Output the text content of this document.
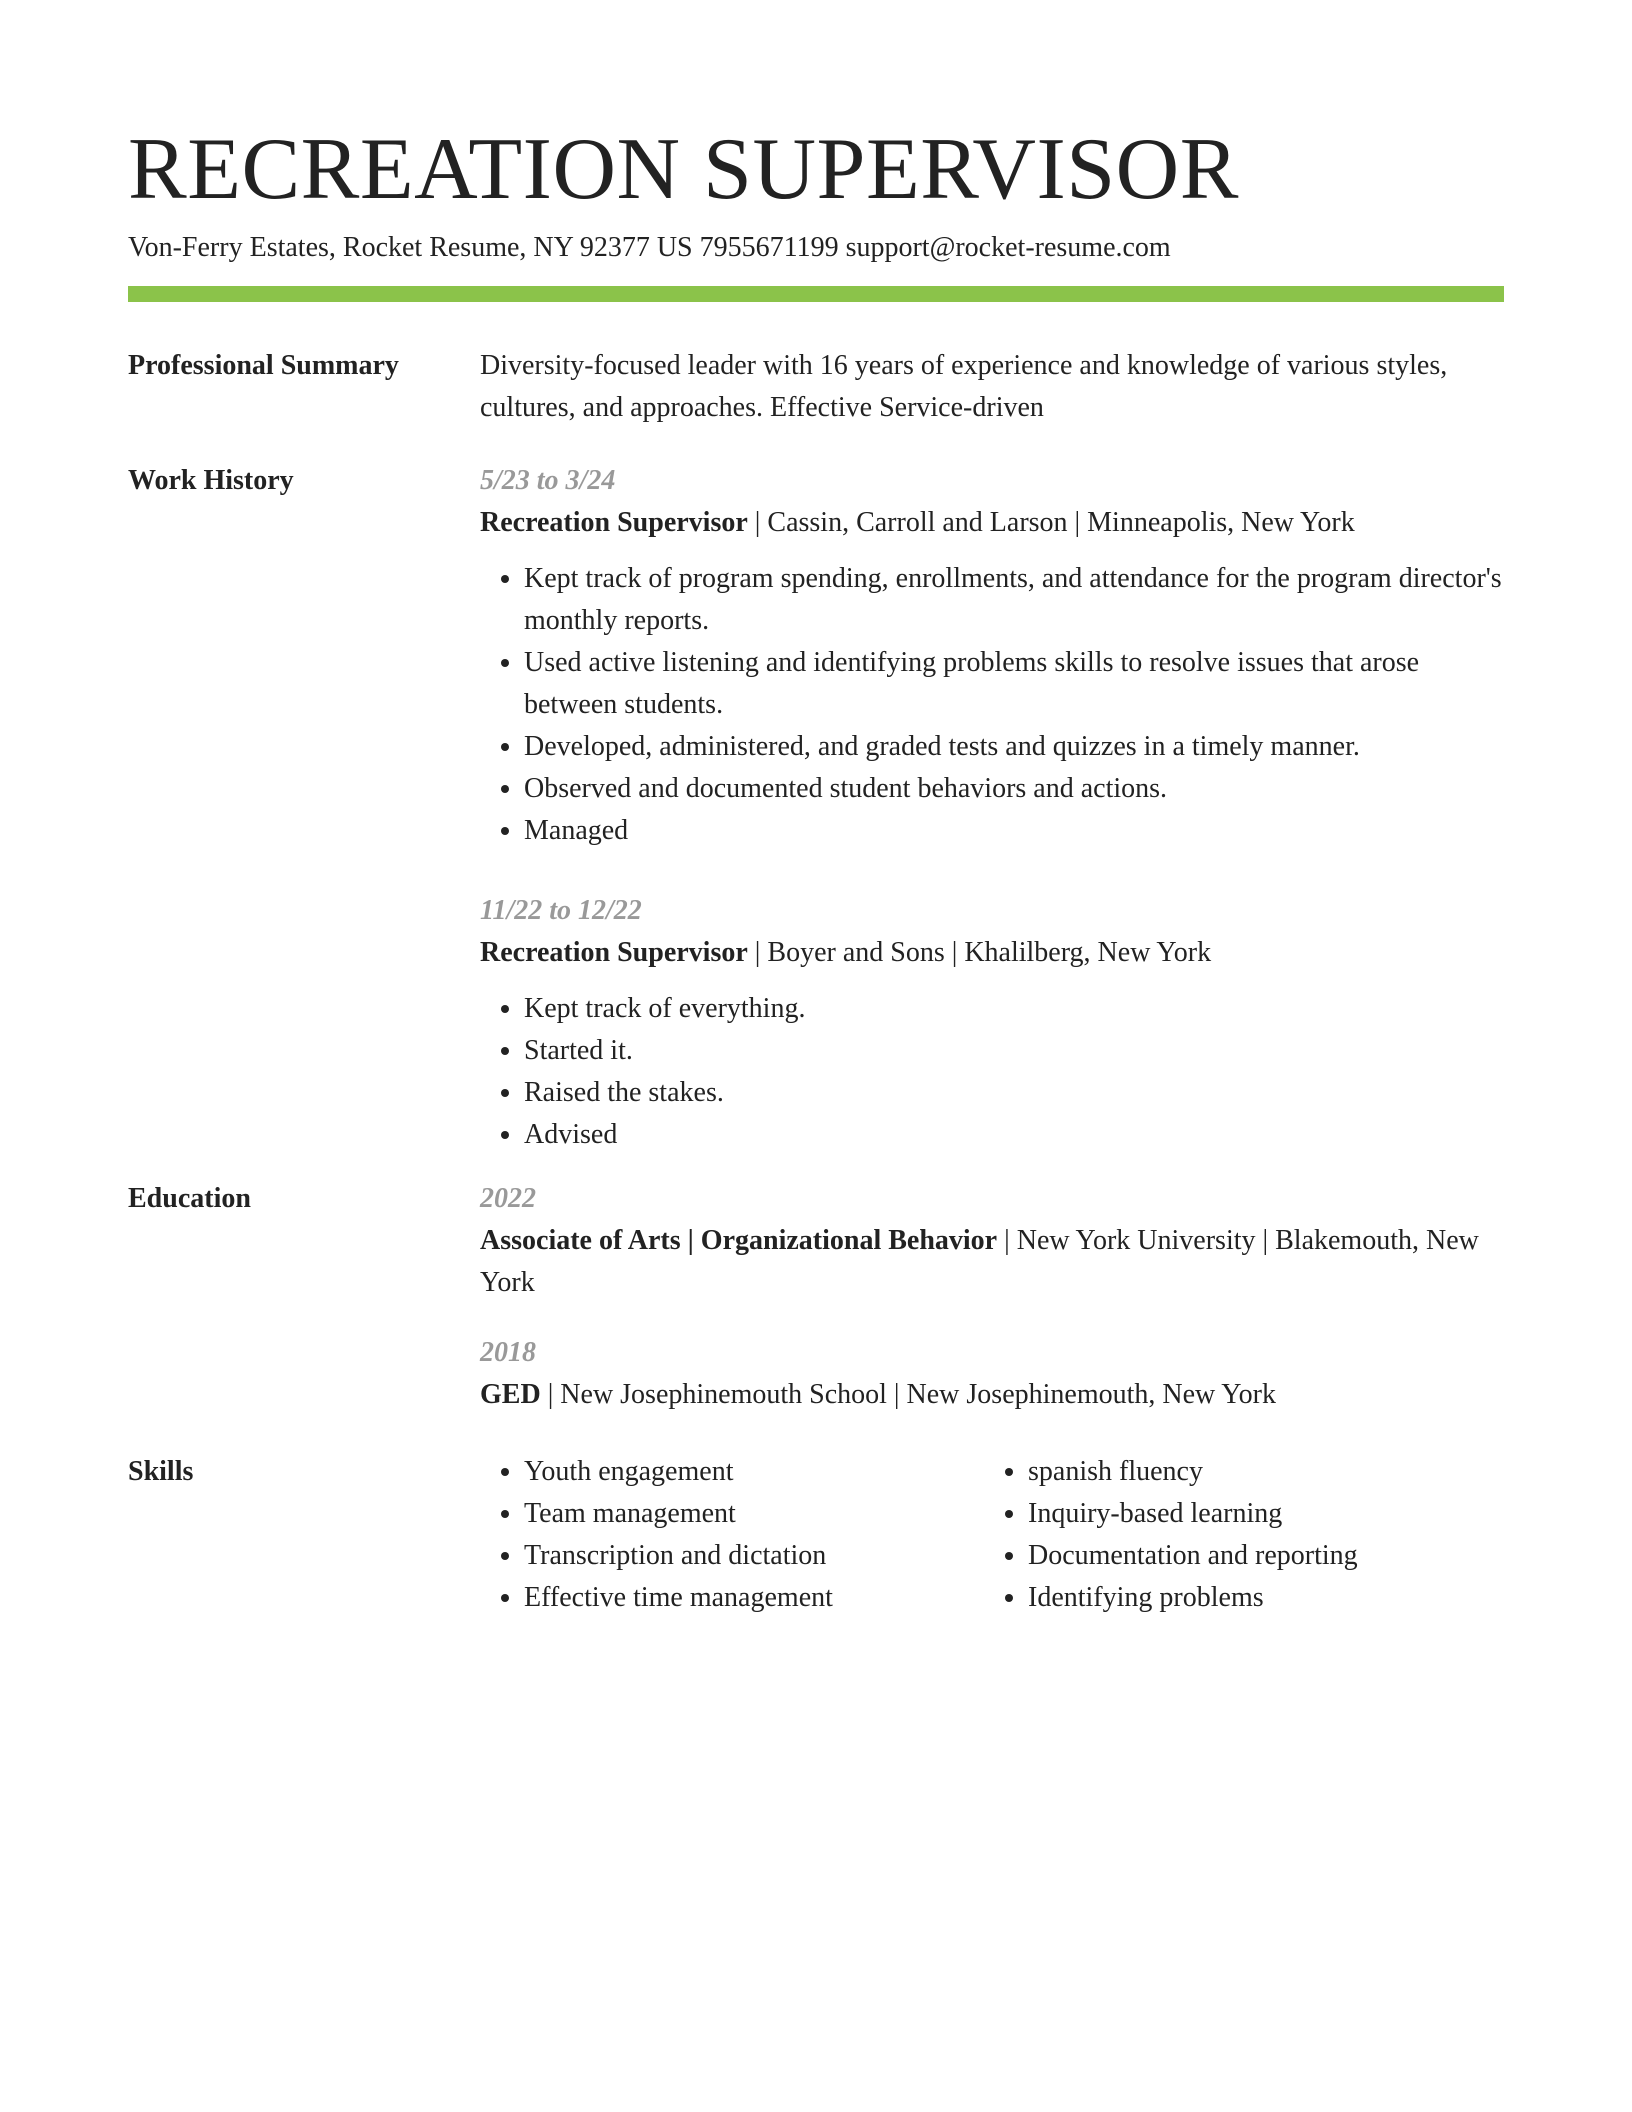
RECREATION SUPERVISOR
Von-Ferry Estates, Rocket Resume, NY 92377 US 7955671199 support@rocket-resume.com
Professional Summary	Diversity-focused leader with 16 years of experience and knowledge of various styles, cultures, and approaches. Effective Service-driven
Work History	5/23 to 3/24
Recreation Supervisor | Cassin, Carroll and Larson | Minneapolis, New York
• Kept track of program spending, enrollments, and attendance for the program director's monthly reports.
• Used active listening and identifying problems skills to resolve issues that arose between students.
• Developed, administered, and graded tests and quizzes in a timely manner.
• Observed and documented student behaviors and actions.
• Managed
11/22 to 12/22
Recreation Supervisor | Boyer and Sons | Khalilberg, New York
• Kept track of everything.
• Started it.
• Raised the stakes.
• Advised
Education	2022
Associate of Arts | Organizational Behavior | New York University | Blakemouth, New York
2018
GED | New Josephinemouth School | New Josephinemouth, New York
Skills
•	Youth engagement
• Team management
• Transcription and dictation
• Effective time management
• spanish fluency
• Inquiry-based learning
• Documentation and reporting
• Identifying problems
